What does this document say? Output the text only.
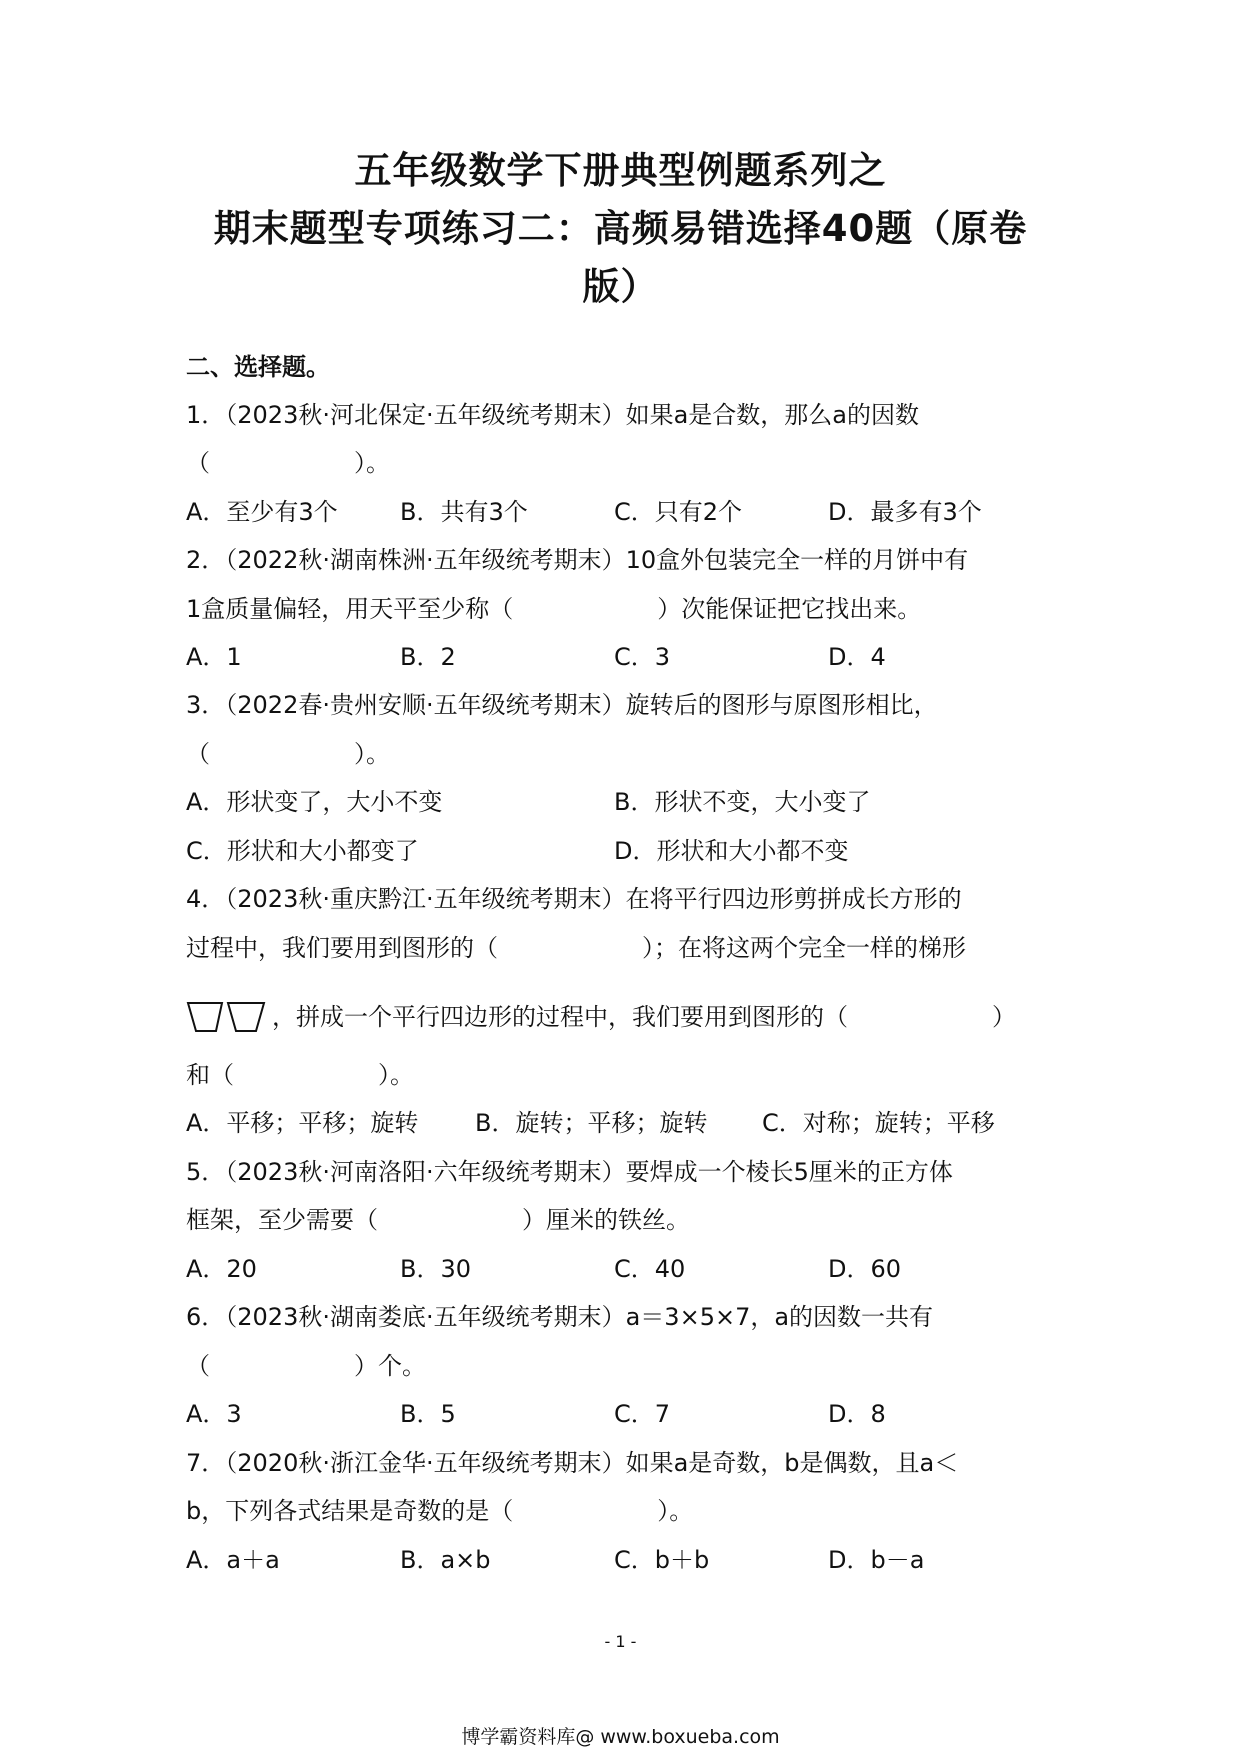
五年级数学下册典型例题系列之
期末题型专项练习二：高频易错选择40题（原卷
版）
二、选择题。
1．（2023秋·河北保定·五年级统考期末）如果a是合数，那么a的因数
（　　　　　　）。
A．至少有3个	B．共有3个	C．只有2个	D．最多有3个
2．（2022秋·湖南株洲·五年级统考期末）10盒外包装完全一样的月饼中有
1盒质量偏轻，用天平至少称（　　　　　　）次能保证把它找出来。
A．1	B．2	C．3	D．4
3．（2022春·贵州安顺·五年级统考期末）旋转后的图形与原图形相比，
（　　　　　　）。
A．形状变了，大小不变	B．形状不变，大小变了
C．形状和大小都变了	D．形状和大小都不变
4．（2023秋·重庆黔江·五年级统考期末）在将平行四边形剪拼成长方形的
过程中，我们要用到图形的（　　　　　　）；在将这两个完全一样的梯形
，拼成一个平行四边形的过程中，我们要用到图形的（　　　　　　）
和（　　　　　　）。
A．平移；平移；旋转 B．旋转；平移；旋转 C．对称；旋转；平移
5．（2023秋·河南洛阳·六年级统考期末）要焊成一个棱长5厘米的正方体
框架，至少需要（　　　　　　）厘米的铁丝。
A．20	B．30	C．40	D．60
6．（2023秋·湖南娄底·五年级统考期末）a＝3×5×7，a的因数一共有
（　　　　　　）个。
A．3	B．5	C．7	D．8
7．（2020秋·浙江金华·五年级统考期末）如果a是奇数，b是偶数，且a＜
b，下列各式结果是奇数的是（　　　　　　）。
A．a＋a	B．a×b	C．b＋b	D．b－a
- 1 -
博学霸资料库@ www.boxueba.com
